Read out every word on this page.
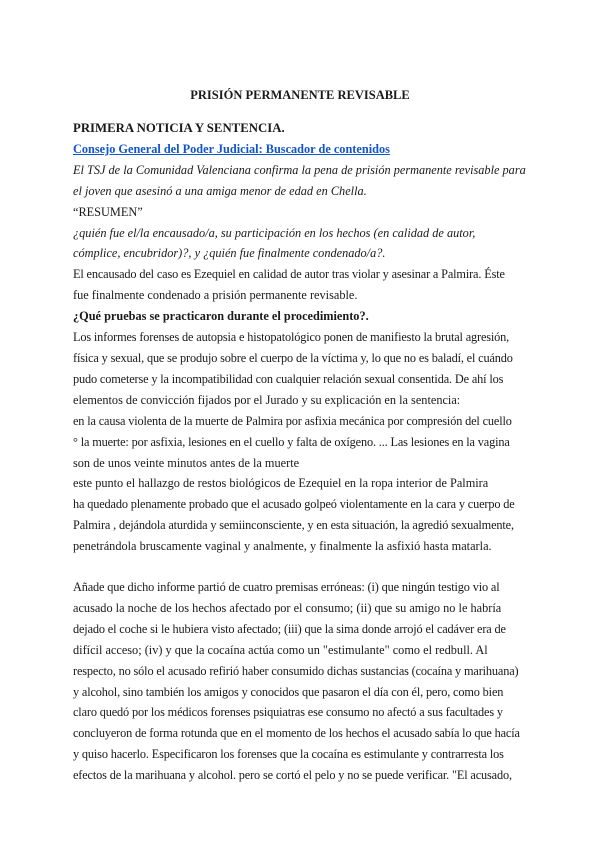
PRISIÓN PERMANENTE REVISABLE

PRIMERA NOTICIA Y SENTENCIA.

Consejo General del Poder Judicial: Buscador de contenidos

El TSJ de la Comunidad Valenciana confirma la pena de prisión permanente revisable para

el joven que asesinó a una amiga menor de edad en Chella.

“RESUMEN”

¿quién fue el/la encausado/a, su participación en los hechos (en calidad de autor,

cómplice, encubridor)?, y ¿quién fue finalmente condenado/a?.

El encausado del caso es Ezequiel en calidad de autor tras violar y asesinar a Palmira. Éste

fue finalmente condenado a prisión permanente revisable.

¿Qué pruebas se practicaron durante el procedimiento?.

Los informes forenses de autopsia e histopatológico ponen de manifiesto la brutal agresión,

física y sexual, que se produjo sobre el cuerpo de la víctima y, lo que no es baladí, el cuándo

pudo cometerse y la incompatibilidad con cualquier relación sexual consentida. De ahí los

elementos de convicción fijados por el Jurado y su explicación en la sentencia:

en la causa violenta de la muerte de Palmira por asfixia mecánica por compresión del cuello

° la muerte: por asfixia, lesiones en el cuello y falta de oxígeno. ... Las lesiones en la vagina

son de unos veinte minutos antes de la muerte

este punto el hallazgo de restos biológicos de Ezequiel en la ropa interior de Palmira

ha quedado plenamente probado que el acusado golpeó violentamente en la cara y cuerpo de

Palmira , dejándola aturdida y semiinconsciente, y en esta situación, la agredió sexualmente,

penetrándola bruscamente vaginal y analmente, y finalmente la asfixió hasta matarla.

Añade que dicho informe partió de cuatro premisas erróneas: (i) que ningún testigo vio al

acusado la noche de los hechos afectado por el consumo; (ii) que su amigo no le habría

dejado el coche si le hubiera visto afectado; (iii) que la sima donde arrojó el cadáver era de

difícil acceso; (iv) y que la cocaína actúa como un "estimulante" como el redbull. Al

respecto, no sólo el acusado refirió haber consumido dichas sustancias (cocaína y marihuana)

y alcohol, sino también los amigos y conocidos que pasaron el día con él, pero, como bien

claro quedó por los médicos forenses psiquiatras ese consumo no afectó a sus facultades y

concluyeron de forma rotunda que en el momento de los hechos el acusado sabía lo que hacía

y quiso hacerlo. Especificaron los forenses que la cocaína es estimulante y contrarresta los

efectos de la marihuana y alcohol. pero se cortó el pelo y no se puede verificar. "El acusado,
